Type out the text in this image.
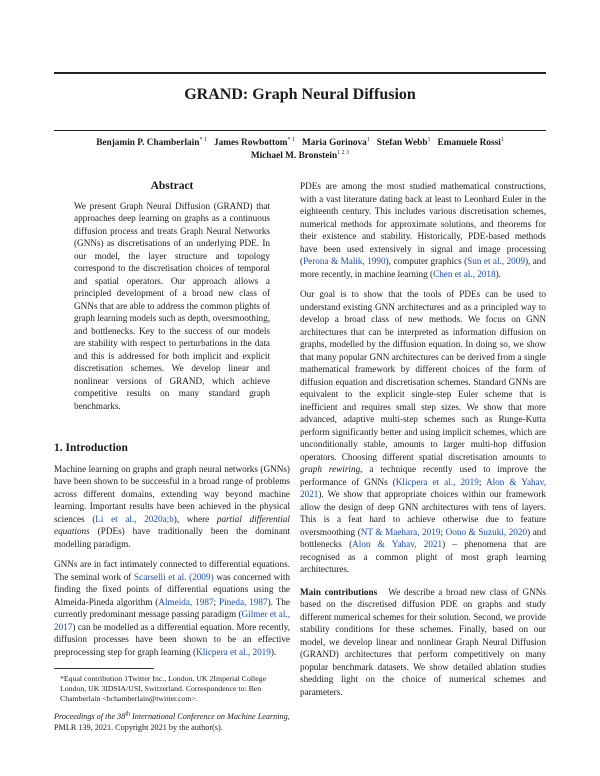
GRAND: Graph Neural Diffusion
Benjamin P. Chamberlain$^{* 1}$ James Rowbottom$^{* 1}$ Maria Gorinova$^1$ Stefan Webb$^1$ Emanuele Rossi$^1$
Michael M. Bronstein$^{1 2 3}$
Abstract

We present Graph Neural Diffusion (GRAND) that approaches deep learning on graphs as a continuous diffusion process and treats Graph Neural Networks (GNNs) as discretisations of an underlying PDE. In our model, the layer structure and topology correspond to the discretisation choices of temporal and spatial operators. Our approach allows a principled development of a broad new class of GNNs that are able to address the common plights of graph learning models such as depth, oversmoothing, and bottlenecks. Key to the success of our models are stability with respect to perturbations in the data and this is addressed for both implicit and explicit discretisation schemes. We develop linear and nonlinear versions of GRAND, which achieve competitive results on many standard graph benchmarks.

1. Introduction

Machine learning on graphs and graph neural networks (GNNs) have been shown to be successful in a broad range of problems across different domains, extending way beyond machine learning. Important results have been achieved in the physical sciences (Li et al., 2020a;b), where partial differential equations (PDEs) have traditionally been the dominant modelling paradigm.

GNNs are in fact intimately connected to differential equations. The seminal work of Scarselli et al. (2009) was concerned with finding the fixed points of differential equations using the Almeida-Pineda algorithm (Almeida, 1987; Pineda, 1987). The currently predominant message passing paradigm (Gilmer et al., 2017) can be modelled as a differential equation. More recently, diffusion processes have been shown to be an effective preprocessing step for graph learning (Klicpera et al., 2019).

*Equal contribution 1Twitter Inc., London, UK 2Imperial College London, UK 3IDSIA/USI, Switzerland. Correspondence to: Ben Chamberlain <bchamberlain@twitter.com>.

Proceedings of the 38th International Conference on Machine Learning, PMLR 139, 2021. Copyright 2021 by the author(s).

PDEs are among the most studied mathematical constructions, with a vast literature dating back at least to Leonhard Euler in the eighteenth century. This includes various discretisation schemes, numerical methods for approximate solutions, and theorems for their existence and stability. Historically, PDE-based methods have been used extensively in signal and image processing (Perona & Malik, 1990), computer graphics (Sun et al., 2009), and more recently, in machine learning (Chen et al., 2018).

Our goal is to show that the tools of PDEs can be used to understand existing GNN architectures and as a principled way to develop a broad class of new methods. We focus on GNN architectures that can be interpreted as information diffusion on graphs, modelled by the diffusion equation. In doing so, we show that many popular GNN architectures can be derived from a single mathematical framework by different choices of the form of diffusion equation and discretisation schemes. Standard GNNs are equivalent to the explicit single-step Euler scheme that is inefficient and requires small step sizes. We show that more advanced, adaptive multi-step schemes such as Runge-Kutta perform significantly better and using implicit schemes, which are unconditionally stable, amounts to larger multi-hop diffusion operators. Choosing different spatial discretisation amounts to graph rewiring, a technique recently used to improve the performance of GNNs (Klicpera et al., 2019; Alon & Yahav, 2021). We show that appropriate choices within our framework allow the design of deep GNN architectures with tens of layers. This is a feat hard to achieve otherwise due to feature oversmoothing (NT & Maehara, 2019; Oono & Suzuki, 2020) and bottlenecks (Alon & Yahav, 2021) – phenomena that are recognised as a common plight of most graph learning architectures.

Main contributions We describe a broad new class of GNNs based on the discretised diffusion PDE on graphs and study different numerical schemes for their solution. Second, we provide stability conditions for these schemes. Finally, based on our model, we develop linear and nonlinear Graph Neural Diffusion (GRAND) architectures that perform competitively on many popular benchmark datasets. We show detailed ablation studies shedding light on the choice of numerical schemes and parameters.
